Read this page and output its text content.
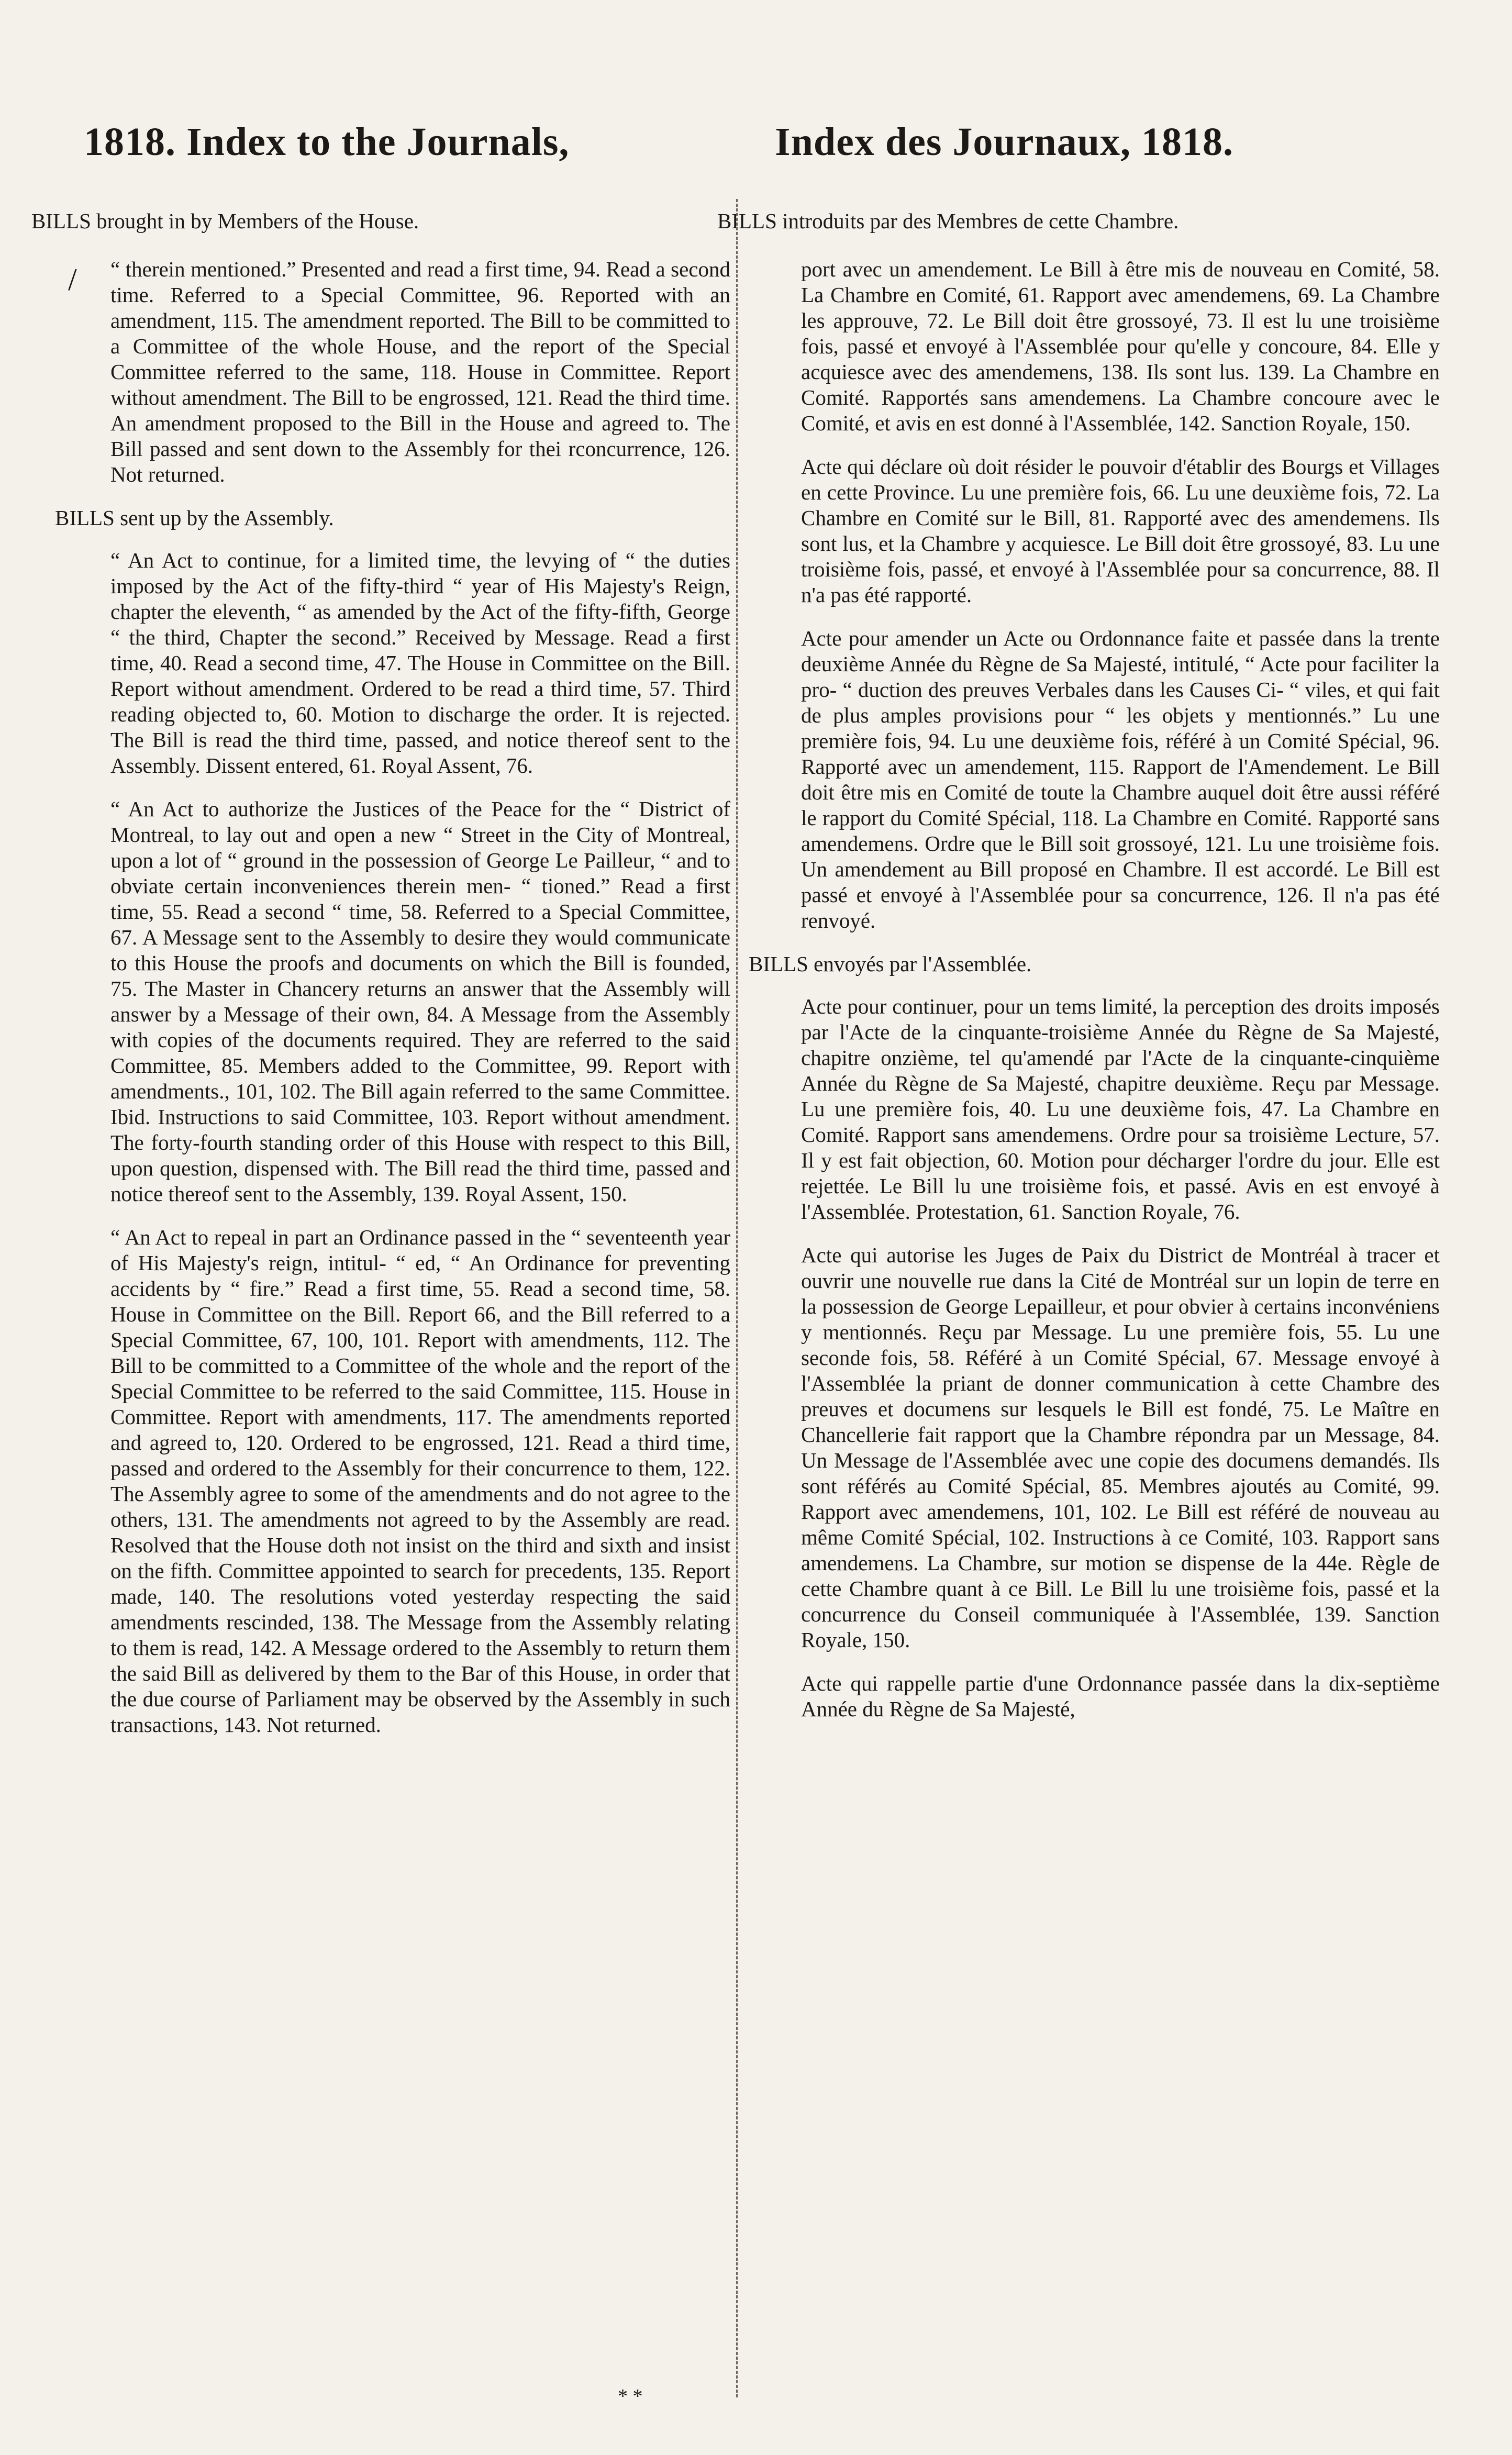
1818. Index to the Journals,	Index des Journaux, 1818.
BILLS brought in by Members of the House.	BILLS introduits par des Membres de cette Chambre.
/	“ therein mentioned.” Presented and read a first time, 94. Read a second time. Referred to a Special Committee, 96. Reported with an amendment, 115. The amendment reported. The Bill to be committed to a Committee of the whole House, and the report of the Special Committee referred to the same, 118. House in Committee. Report without amendment. The Bill to be engrossed, 121. Read the third time. An amendment proposed to the Bill in the House and agreed to. The Bill passed and sent down to the Assembly for thei rconcurrence, 126. Not returned.

BILLS sent up by the Assembly.

“ An Act to continue, for a limited time, the levying of “ the duties imposed by the Act of the fifty-third “ year of His Majesty's Reign, chapter the eleventh, “ as amended by the Act of the fifty-fifth, George “ the third, Chapter the second.” Received by Message. Read a first time, 40. Read a second time, 47. The House in Committee on the Bill. Report without amendment. Ordered to be read a third time, 57. Third reading objected to, 60. Motion to discharge the order. It is rejected. The Bill is read the third time, passed, and notice thereof sent to the Assembly. Dissent entered, 61. Royal Assent, 76.

“ An Act to authorize the Justices of the Peace for the “ District of Montreal, to lay out and open a new “ Street in the City of Montreal, upon a lot of “ ground in the possession of George Le Pailleur, “ and to obviate certain inconveniences therein men- “ tioned.” Read a first time, 55. Read a second “ time, 58. Referred to a Special Committee, 67. A Message sent to the Assembly to desire they would communicate to this House the proofs and documents on which the Bill is founded, 75. The Master in Chancery returns an answer that the Assembly will answer by a Message of their own, 84. A Message from the Assembly with copies of the documents required. They are referred to the said Committee, 85. Members added to the Committee, 99. Report with amendments., 101, 102. The Bill again referred to the same Committee. Ibid. Instructions to said Committee, 103. Report without amendment. The forty-fourth standing order of this House with respect to this Bill, upon question, dispensed with. The Bill read the third time, passed and notice thereof sent to the Assembly, 139. Royal Assent, 150.

“ An Act to repeal in part an Ordinance passed in the “ seventeenth year of His Majesty's reign, intitul- “ ed, “ An Ordinance for preventing accidents by “ fire.” Read a first time, 55. Read a second time, 58. House in Committee on the Bill. Report 66, and the Bill referred to a Special Committee, 67, 100, 101. Report with amendments, 112. The Bill to be committed to a Committee of the whole and the report of the Special Committee to be referred to the said Committee, 115. House in Committee. Report with amendments, 117. The amendments reported and agreed to, 120. Ordered to be engrossed, 121. Read a third time, passed and ordered to the Assembly for their concurrence to them, 122. The Assembly agree to some of the amendments and do not agree to the others, 131. The amendments not agreed to by the Assembly are read. Resolved that the House doth not insist on the third and sixth and insist on the fifth. Committee appointed to search for precedents, 135. Report made, 140. The resolutions voted yesterday respecting the said amendments rescinded, 138. The Message from the Assembly relating to them is read, 142. A Message ordered to the Assembly to return them the said Bill as delivered by them to the Bar of this House, in order that the due course of Parliament may be observed by the Assembly in such transactions, 143. Not returned.

port avec un amendement. Le Bill à être mis de nouveau en Comité, 58. La Chambre en Comité, 61. Rapport avec amendemens, 69. La Chambre les approuve, 72. Le Bill doit être grossoyé, 73. Il est lu une troisième fois, passé et envoyé à l'Assemblée pour qu'elle y concoure, 84. Elle y acquiesce avec des amendemens, 138. Ils sont lus. 139. La Chambre en Comité. Rapportés sans amendemens. La Chambre concoure avec le Comité, et avis en est donné à l'Assemblée, 142. Sanction Royale, 150.

Acte qui déclare où doit résider le pouvoir d'établir des Bourgs et Villages en cette Province. Lu une première fois, 66. Lu une deuxième fois, 72. La Chambre en Comité sur le Bill, 81. Rapporté avec des amendemens. Ils sont lus, et la Chambre y acquiesce. Le Bill doit être grossoyé, 83. Lu une troisième fois, passé, et envoyé à l'Assemblée pour sa concurrence, 88. Il n'a pas été rapporté.

Acte pour amender un Acte ou Ordonnance faite et passée dans la trente deuxième Année du Règne de Sa Majesté, intitulé, “ Acte pour faciliter la pro- “ duction des preuves Verbales dans les Causes Ci- “ viles, et qui fait de plus amples provisions pour “ les objets y mentionnés.” Lu une première fois, 94. Lu une deuxième fois, référé à un Comité Spécial, 96. Rapporté avec un amendement, 115. Rapport de l'Amendement. Le Bill doit être mis en Comité de toute la Chambre auquel doit être aussi référé le rapport du Comité Spécial, 118. La Chambre en Comité. Rapporté sans amendemens. Ordre que le Bill soit grossoyé, 121. Lu une troisième fois. Un amendement au Bill proposé en Chambre. Il est accordé. Le Bill est passé et envoyé à l'Assemblée pour sa concurrence, 126. Il n'a pas été renvoyé.

BILLS envoyés par l'Assemblée.

Acte pour continuer, pour un tems limité, la perception des droits imposés par l'Acte de la cinquante-troisième Année du Règne de Sa Majesté, chapitre onzième, tel qu'amendé par l'Acte de la cinquante-cinquième Année du Règne de Sa Majesté, chapitre deuxième. Reçu par Message. Lu une première fois, 40. Lu une deuxième fois, 47. La Chambre en Comité. Rapport sans amendemens. Ordre pour sa troisième Lecture, 57. Il y est fait objection, 60. Motion pour décharger l'ordre du jour. Elle est rejettée. Le Bill lu une troisième fois, et passé. Avis en est envoyé à l'Assemblée. Protestation, 61. Sanction Royale, 76.

Acte qui autorise les Juges de Paix du District de Montréal à tracer et ouvrir une nouvelle rue dans la Cité de Montréal sur un lopin de terre en la possession de George Lepailleur, et pour obvier à certains inconvéniens y mentionnés. Reçu par Message. Lu une première fois, 55. Lu une seconde fois, 58. Référé à un Comité Spécial, 67. Message envoyé à l'Assemblée la priant de donner communication à cette Chambre des preuves et documens sur lesquels le Bill est fondé, 75. Le Maître en Chancellerie fait rapport que la Chambre répondra par un Message, 84. Un Message de l'Assemblée avec une copie des documens demandés. Ils sont référés au Comité Spécial, 85. Membres ajoutés au Comité, 99. Rapport avec amendemens, 101, 102. Le Bill est référé de nouveau au même Comité Spécial, 102. Instructions à ce Comité, 103. Rapport sans amendemens. La Chambre, sur motion se dispense de la 44e. Règle de cette Chambre quant à ce Bill. Le Bill lu une troisième fois, passé et la concurrence du Conseil communiquée à l'Assemblée, 139. Sanction Royale, 150.

Acte qui rappelle partie d'une Ordonnance passée dans la dix-septième Année du Règne de Sa Majesté,

* *
